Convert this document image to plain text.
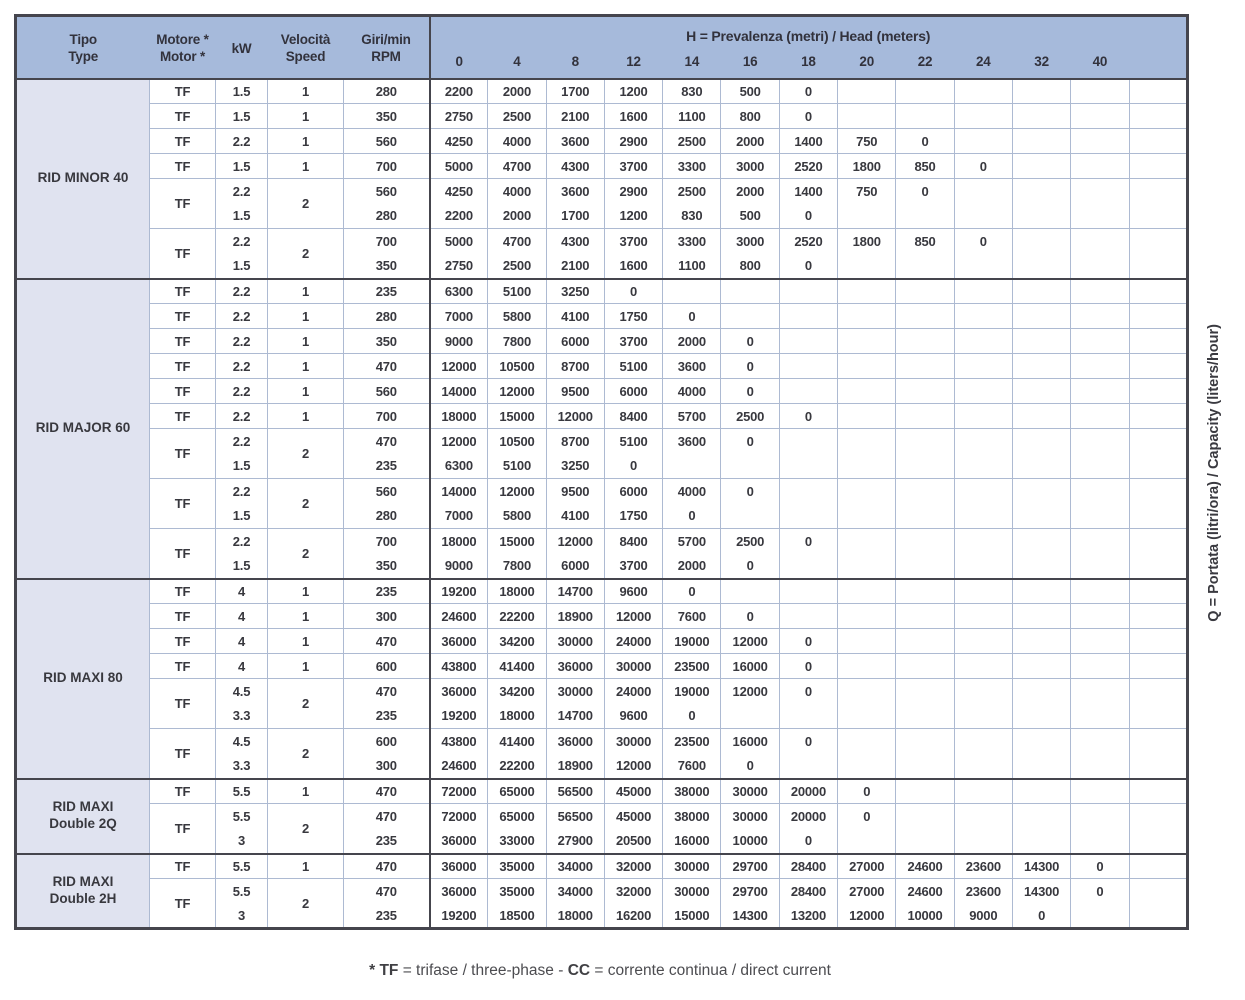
Tipo
Type

Motore *
Motor *
	kW	
Velocità
Speed

Giri/min
RPM
	H = Prevalenza (metri) / Head (meters)
					0	4	8	12	14	16	18	20	22	24	32	40	

RID MINOR 40	TF	1.5	1	280	2200	2000	1700	1200	830	500	0						
	TF	1.5	1	350	2750	2500	2100	1600	1100	800	0						
	TF	2.2	1	560	4250	4000	3600	2900	2500	2000	1400	750	0				
	TF	1.5	1	700	5000	4700	4300	3700	3300	3000	2520	1800	850	0			
	TF	2.2	2	560	4250	4000	3600	2900	2500	2000	1400	750	0				
		1.5		280	2200	2000	1700	1200	830	500	0						
	TF	2.2	2	700	5000	4700	4300	3700	3300	3000	2520	1800	850	0			
		1.5		350	2750	2500	2100	1600	1100	800	0						

RID MAJOR 60	TF	2.2	1	235	6300	5100	3250	0									
	TF	2.2	1	280	7000	5800	4100	1750	0								
	TF	2.2	1	350	9000	7800	6000	3700	2000	0							
	TF	2.2	1	470	12000	10500	8700	5100	3600	0							
	TF	2.2	1	560	14000	12000	9500	6000	4000	0							
	TF	2.2	1	700	18000	15000	12000	8400	5700	2500	0						
	TF	2.2	2	470	12000	10500	8700	5100	3600	0							
		1.5		235	6300	5100	3250	0									
	TF	2.2	2	560	14000	12000	9500	6000	4000	0							
		1.5		280	7000	5800	4100	1750	0								
	TF	2.2	2	700	18000	15000	12000	8400	5700	2500	0						
		1.5		350	9000	7800	6000	3700	2000	0							

RID MAXI 80	TF	4	1	235	19200	18000	14700	9600	0								
	TF	4	1	300	24600	22200	18900	12000	7600	0							
	TF	4	1	470	36000	34200	30000	24000	19000	12000	0						
	TF	4	1	600	43800	41400	36000	30000	23500	16000	0						
	TF	4.5	2	470	36000	34200	30000	24000	19000	12000	0						
		3.3		235	19200	18000	14700	9600	0								
	TF	4.5	2	600	43800	41400	36000	30000	23500	16000	0						
		3.3		300	24600	22200	18900	12000	7600	0							

RID MAXI
Double 2Q	TF	5.5	1	470	72000	65000	56500	45000	38000	30000	20000	0					
	TF	5.5	2	470	72000	65000	56500	45000	38000	30000	20000	0					
		3		235	36000	33000	27900	20500	16000	10000	0						

RID MAXI
Double 2H	TF	5.5	1	470	36000	35000	34000	32000	30000	29700	28400	27000	24600	23600	14300	0	
	TF	5.5	2	470	36000	35000	34000	32000	30000	29700	28400	27000	24600	23600	14300	0	
		3		235	19200	18500	18000	16200	15000	14300	13200	12000	10000	9000	0		
Q = Portata (litri/ora) / Capacity (liters/hour)
* TF = trifase / three-phase - CC = corrente continua / direct current
